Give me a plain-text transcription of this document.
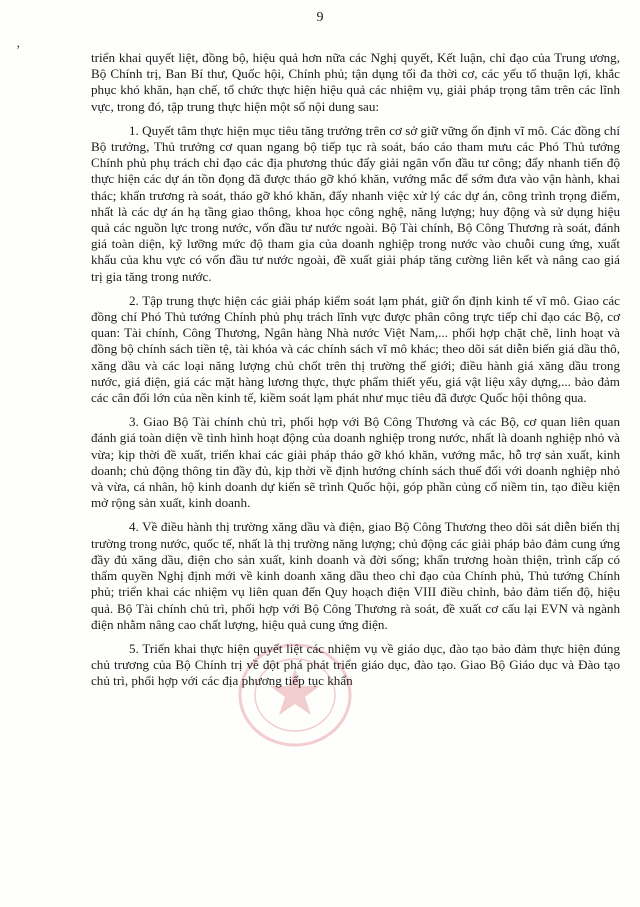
9
ʼ

triển khai quyết liệt, đồng bộ, hiệu quả hơn nữa các Nghị quyết, Kết luận, chỉ đạo của Trung ương, Bộ Chính trị, Ban Bí thư, Quốc hội, Chính phủ; tận dụng tối đa thời cơ, các yếu tố thuận lợi, khắc phục khó khăn, hạn chế, tổ chức thực hiện hiệu quả các nhiệm vụ, giải pháp trọng tâm trên các lĩnh vực, trong đó, tập trung thực hiện một số nội dung sau:

1. Quyết tâm thực hiện mục tiêu tăng trưởng trên cơ sở giữ vững ổn định vĩ mô. Các đồng chí Bộ trưởng, Thủ trưởng cơ quan ngang bộ tiếp tục rà soát, báo cáo tham mưu các Phó Thủ tướng Chính phủ phụ trách chỉ đạo các địa phương thúc đẩy giải ngân vốn đầu tư công; đẩy nhanh tiến độ thực hiện các dự án tồn đọng đã được tháo gỡ khó khăn, vướng mắc để sớm đưa vào vận hành, khai thác; khẩn trương rà soát, tháo gỡ khó khăn, đẩy nhanh việc xử lý các dự án, công trình trọng điểm, nhất là các dự án hạ tầng giao thông, khoa học công nghệ, năng lượng; huy động và sử dụng hiệu quả các nguồn lực trong nước, vốn đầu tư nước ngoài. Bộ Tài chính, Bộ Công Thương rà soát, đánh giá toàn diện, kỹ lưỡng mức độ tham gia của doanh nghiệp trong nước vào chuỗi cung ứng, xuất khẩu của khu vực có vốn đầu tư nước ngoài, đề xuất giải pháp tăng cường liên kết và nâng cao giá trị gia tăng trong nước.

2. Tập trung thực hiện các giải pháp kiểm soát lạm phát, giữ ổn định kinh tế vĩ mô. Giao các đồng chí Phó Thủ tướng Chính phủ phụ trách lĩnh vực được phân công trực tiếp chỉ đạo các Bộ, cơ quan: Tài chính, Công Thương, Ngân hàng Nhà nước Việt Nam,... phối hợp chặt chẽ, linh hoạt và đồng bộ chính sách tiền tệ, tài khóa và các chính sách vĩ mô khác; theo dõi sát diễn biến giá dầu thô, xăng dầu và các loại năng lượng chủ chốt trên thị trường thế giới; điều hành giá xăng dầu trong nước, giá điện, giá các mặt hàng lương thực, thực phẩm thiết yếu, giá vật liệu xây dựng,... bảo đảm các cân đối lớn của nền kinh tế, kiềm soát lạm phát như mục tiêu đã được Quốc hội thông qua.

3. Giao Bộ Tài chính chủ trì, phối hợp với Bộ Công Thương và các Bộ, cơ quan liên quan đánh giá toàn diện về tình hình hoạt động của doanh nghiệp trong nước, nhất là doanh nghiệp nhỏ và vừa; kịp thời đề xuất, triển khai các giải pháp tháo gỡ khó khăn, vướng mắc, hỗ trợ sản xuất, kinh doanh; chủ động thông tin đầy đủ, kịp thời về định hướng chính sách thuế đối với doanh nghiệp nhỏ và vừa, cá nhân, hộ kinh doanh dự kiến sẽ trình Quốc hội, góp phần củng cố niềm tin, tạo điều kiện mở rộng sản xuất, kinh doanh.

4. Về điều hành thị trường xăng dầu và điện, giao Bộ Công Thương theo dõi sát diễn biến thị trường trong nước, quốc tế, nhất là thị trường năng lượng; chủ động các giải pháp bảo đảm cung ứng đầy đủ xăng dầu, điện cho sản xuất, kinh doanh và đời sống; khẩn trương hoàn thiện, trình cấp có thẩm quyền Nghị định mới về kinh doanh xăng dầu theo chỉ đạo của Chính phủ, Thủ tướng Chính phủ; triển khai các nhiệm vụ liên quan đến Quy hoạch điện VIII điều chỉnh, bảo đảm tiến độ, hiệu quả. Bộ Tài chính chủ trì, phối hợp với Bộ Công Thương rà soát, đề xuất cơ cấu lại EVN và ngành điện nhằm nâng cao chất lượng, hiệu quả cung ứng điện.

5. Triển khai thực hiện quyết liệt các nhiệm vụ về giáo dục, đào tạo bảo đảm thực hiện đúng chủ trương của Bộ Chính trị về đột phá phát triển giáo dục, đào tạo. Giao Bộ Giáo dục và Đào tạo chủ trì, phối hợp với các địa phương tiếp tục khẩn
